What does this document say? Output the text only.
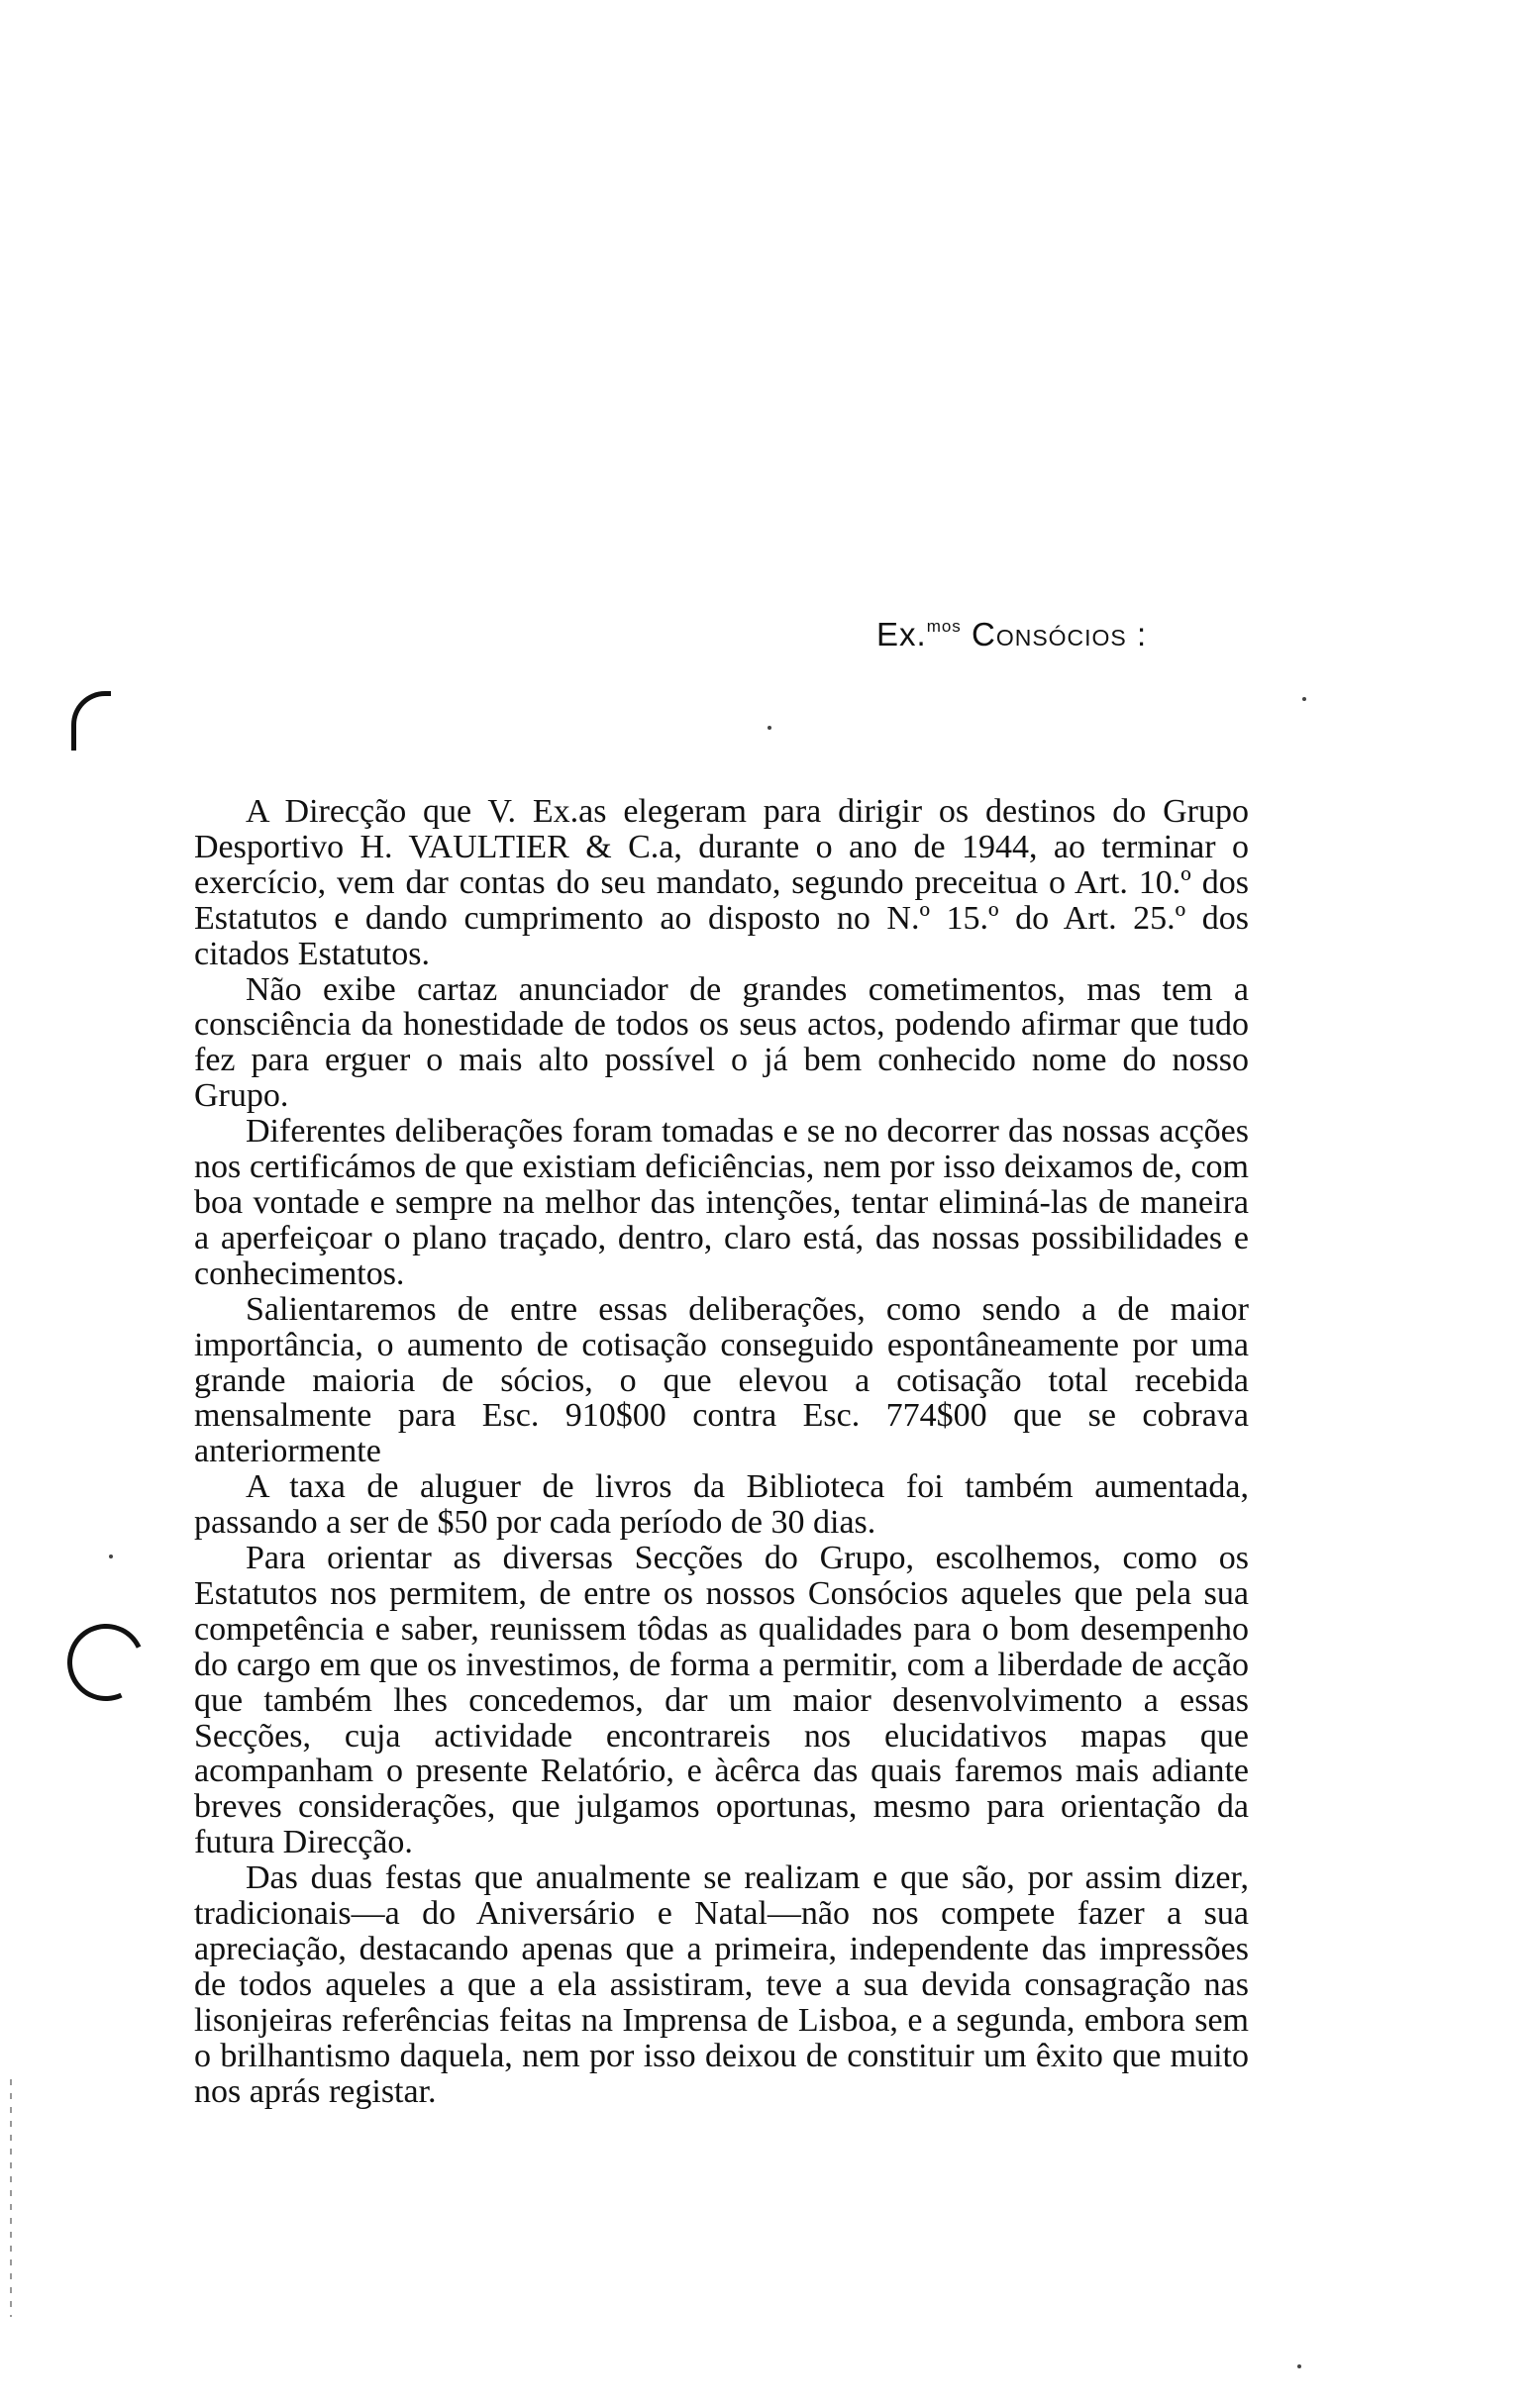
Ex.$^{mos}$ Consócios :

A Direcção que V. Ex.as elegeram para dirigir os destinos do Grupo Desportivo H. VAULTIER & C.a, durante o ano de 1944, ao terminar o exercício, vem dar contas do seu mandato, segundo preceitua o Art. 10.º dos Estatutos e dando cumprimento ao disposto no N.º 15.º do Art. 25.º dos citados Estatutos.

Não exibe cartaz anunciador de grandes cometimentos, mas tem a consciência da honestidade de todos os seus actos, podendo afirmar que tudo fez para erguer o mais alto possível o já bem conhecido nome do nosso Grupo.

Diferentes deliberações foram tomadas e se no decorrer das nossas acções nos certificámos de que existiam deficiências, nem por isso deixamos de, com boa vontade e sempre na melhor das intenções, tentar eliminá-las de maneira a aperfeiçoar o plano traçado, dentro, claro está, das nossas possibilidades e conhecimentos.

Salientaremos de entre essas deliberações, como sendo a de maior importância, o aumento de cotisação conseguido espontâneamente por uma grande maioria de sócios, o que elevou a cotisação total recebida mensalmente para Esc. 910$00 contra Esc. 774$00 que se cobrava anteriormente

A taxa de aluguer de livros da Biblioteca foi também aumentada, passando a ser de $50 por cada período de 30 dias.

Para orientar as diversas Secções do Grupo, escolhemos, como os Estatutos nos permitem, de entre os nossos Consócios aqueles que pela sua competência e saber, reunissem tôdas as qualidades para o bom desempenho do cargo em que os investimos, de forma a permitir, com a liberdade de acção que também lhes concedemos, dar um maior desenvolvimento a essas Secções, cuja actividade encontrareis nos elucidativos mapas que acompanham o presente Relatório, e àcêrca das quais faremos mais adiante breves considerações, que julgamos oportunas, mesmo para orientação da futura Direcção.

Das duas festas que anualmente se realizam e que são, por assim dizer, tradicionais—a do Aniversário e Natal—não nos compete fazer a sua apreciação, destacando apenas que a primeira, independente das impressões de todos aqueles a que a ela assistiram, teve a sua devida consagração nas lisonjeiras referências feitas na Imprensa de Lisboa, e a segunda, embora sem o brilhantismo daquela, nem por isso deixou de constituir um êxito que muito nos aprás registar.
